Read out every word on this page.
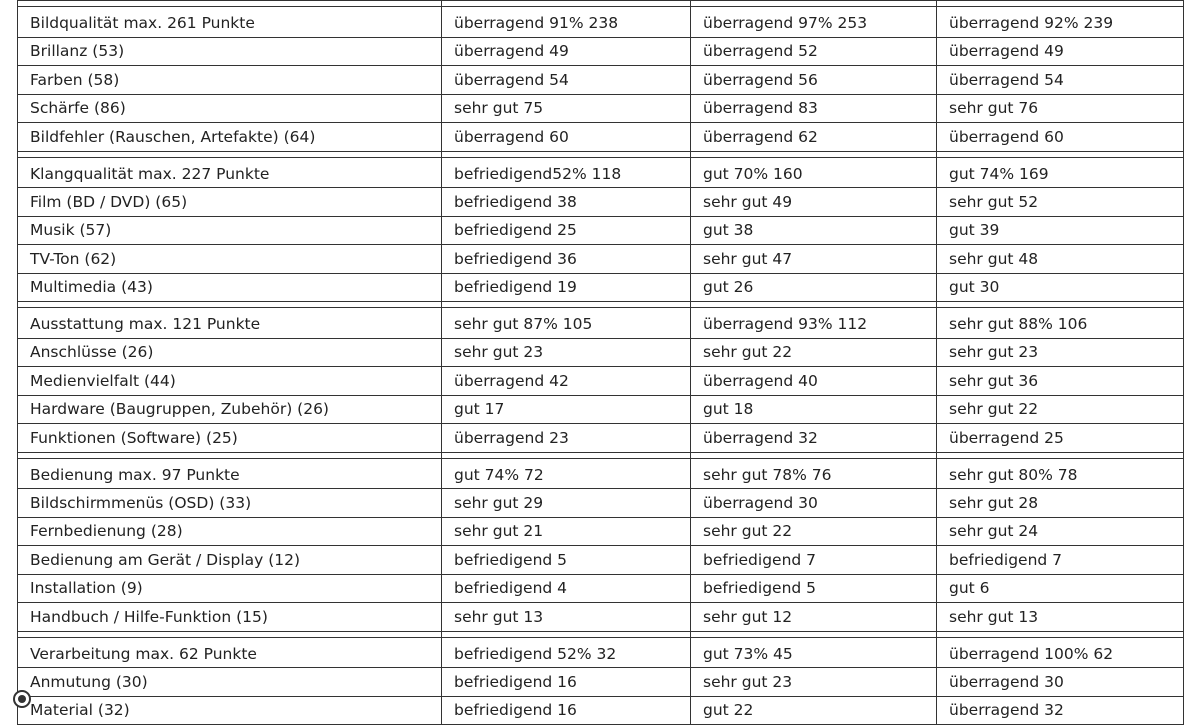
Bildqualität max. 261 Punkte	überragend 91% 238	überragend 97% 253	überragend 92% 239
Brillanz (53)	überragend 49	überragend 52	überragend 49
Farben (58)	überragend 54	überragend 56	überragend 54
Schärfe (86)	sehr gut 75	überragend 83	sehr gut 76
Bildfehler (Rauschen, Artefakte) (64)	überragend 60	überragend 62	überragend 60

Klangqualität max. 227 Punkte	befriedigend52% 118	gut 70% 160	gut 74% 169
Film (BD / DVD) (65)	befriedigend 38	sehr gut 49	sehr gut 52
Musik (57)	befriedigend 25	gut 38	gut 39
TV-Ton (62)	befriedigend 36	sehr gut 47	sehr gut 48
Multimedia (43)	befriedigend 19	gut 26	gut 30

Ausstattung max. 121 Punkte	sehr gut 87% 105	überragend 93% 112	sehr gut 88% 106
Anschlüsse (26)	sehr gut 23	sehr gut 22	sehr gut 23
Medienvielfalt (44)	überragend 42	überragend 40	sehr gut 36
Hardware (Baugruppen, Zubehör) (26)	gut 17	gut 18	sehr gut 22
Funktionen (Software) (25)	überragend 23	überragend 32	überragend 25

Bedienung max. 97 Punkte	gut 74% 72	sehr gut 78% 76	sehr gut 80% 78
Bildschirmmenüs (OSD) (33)	sehr gut 29	überragend 30	sehr gut 28
Fernbedienung (28)	sehr gut 21	sehr gut 22	sehr gut 24
Bedienung am Gerät / Display (12)	befriedigend 5	befriedigend 7	befriedigend 7
Installation (9)	befriedigend 4	befriedigend 5	gut 6
Handbuch / Hilfe-Funktion (15)	sehr gut 13	sehr gut 12	sehr gut 13

Verarbeitung max. 62 Punkte	befriedigend 52% 32	gut 73% 45	überragend 100% 62
Anmutung (30)	befriedigend 16	sehr gut 23	überragend 30
Material (32)	befriedigend 16	gut 22	überragend 32
